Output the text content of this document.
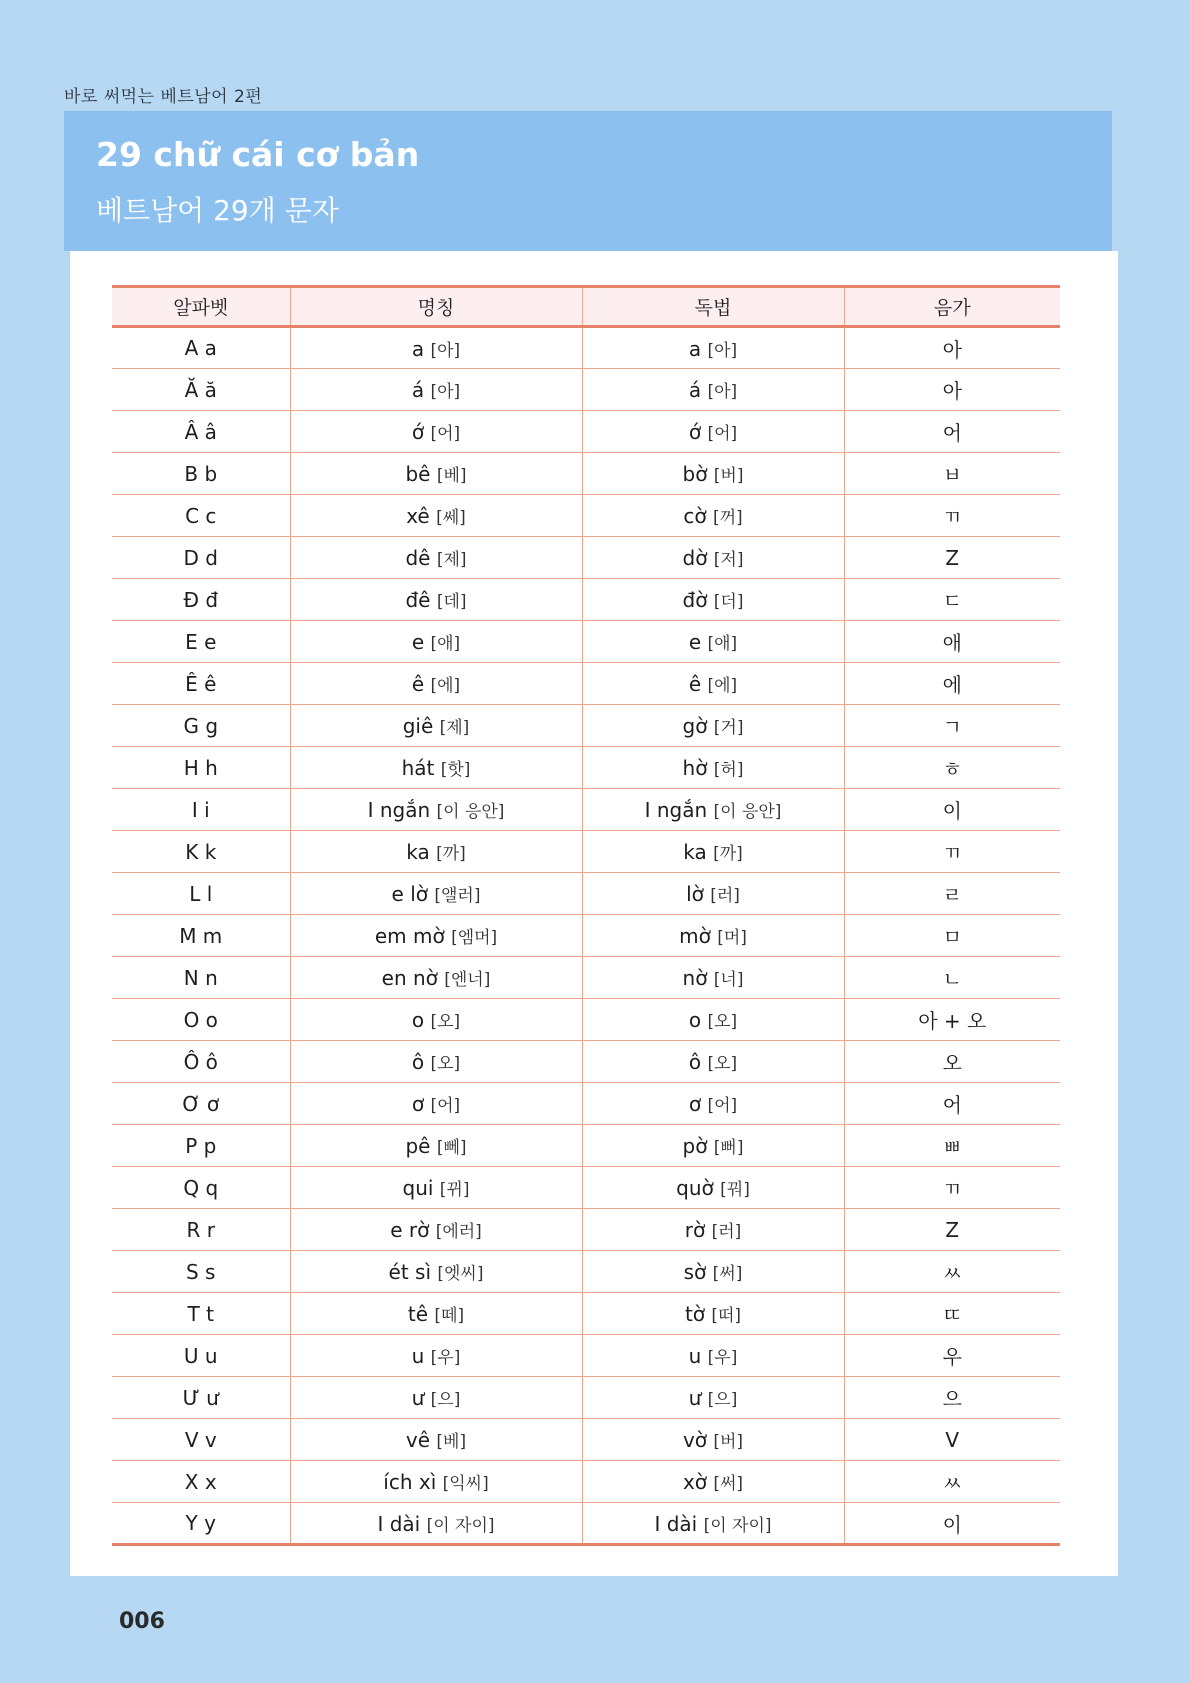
바로 써먹는 베트남어 2편
29 chữ cái cơ bản
베트남어 29개 문자
알파벳	명칭	독법	음가
A a	a [아]	a [아]	아
Ă ă	á [아]	á [아]	아
Â â	ớ [어]	ớ [어]	어
B b	bê [베]	bờ [버]	ㅂ
C c	xê [쎄]	cờ [꺼]	ㄲ
D d	dê [제]	dờ [저]	Z
Đ đ	đê [데]	đờ [더]	ㄷ
E e	e [애]	e [애]	애
Ê ê	ê [에]	ê [에]	에
G g	giê [제]	gờ [거]	ㄱ
H h	hát [핫]	hờ [허]	ㅎ
I i	I ngắn [이 응안]	I ngắn [이 응안]	이
K k	ka [까]	ka [까]	ㄲ
L l	e lờ [앨러]	lờ [러]	ㄹ
M m	em mờ [엠머]	mờ [머]	ㅁ
N n	en nờ [엔너]	nờ [너]	ㄴ
O o	o [오]	o [오]	아 + 오
Ô ô	ô [오]	ô [오]	오
Ơ ơ	ơ [어]	ơ [어]	어
P p	pê [뻬]	pờ [뻐]	ㅃ
Q q	qui [뀌]	quờ [꿔]	ㄲ
R r	e rờ [에러]	rờ [러]	Z
S s	ét sì [엣씨]	sờ [써]	ㅆ
T t	tê [떼]	tờ [떠]	ㄸ
U u	u [우]	u [우]	우
Ư ư	ư [으]	ư [으]	으
V v	vê [베]	vờ [버]	V
X x	ích xì [익씨]	xờ [써]	ㅆ
Y y	I dài [이 자이]	I dài [이 자이]	이
006
